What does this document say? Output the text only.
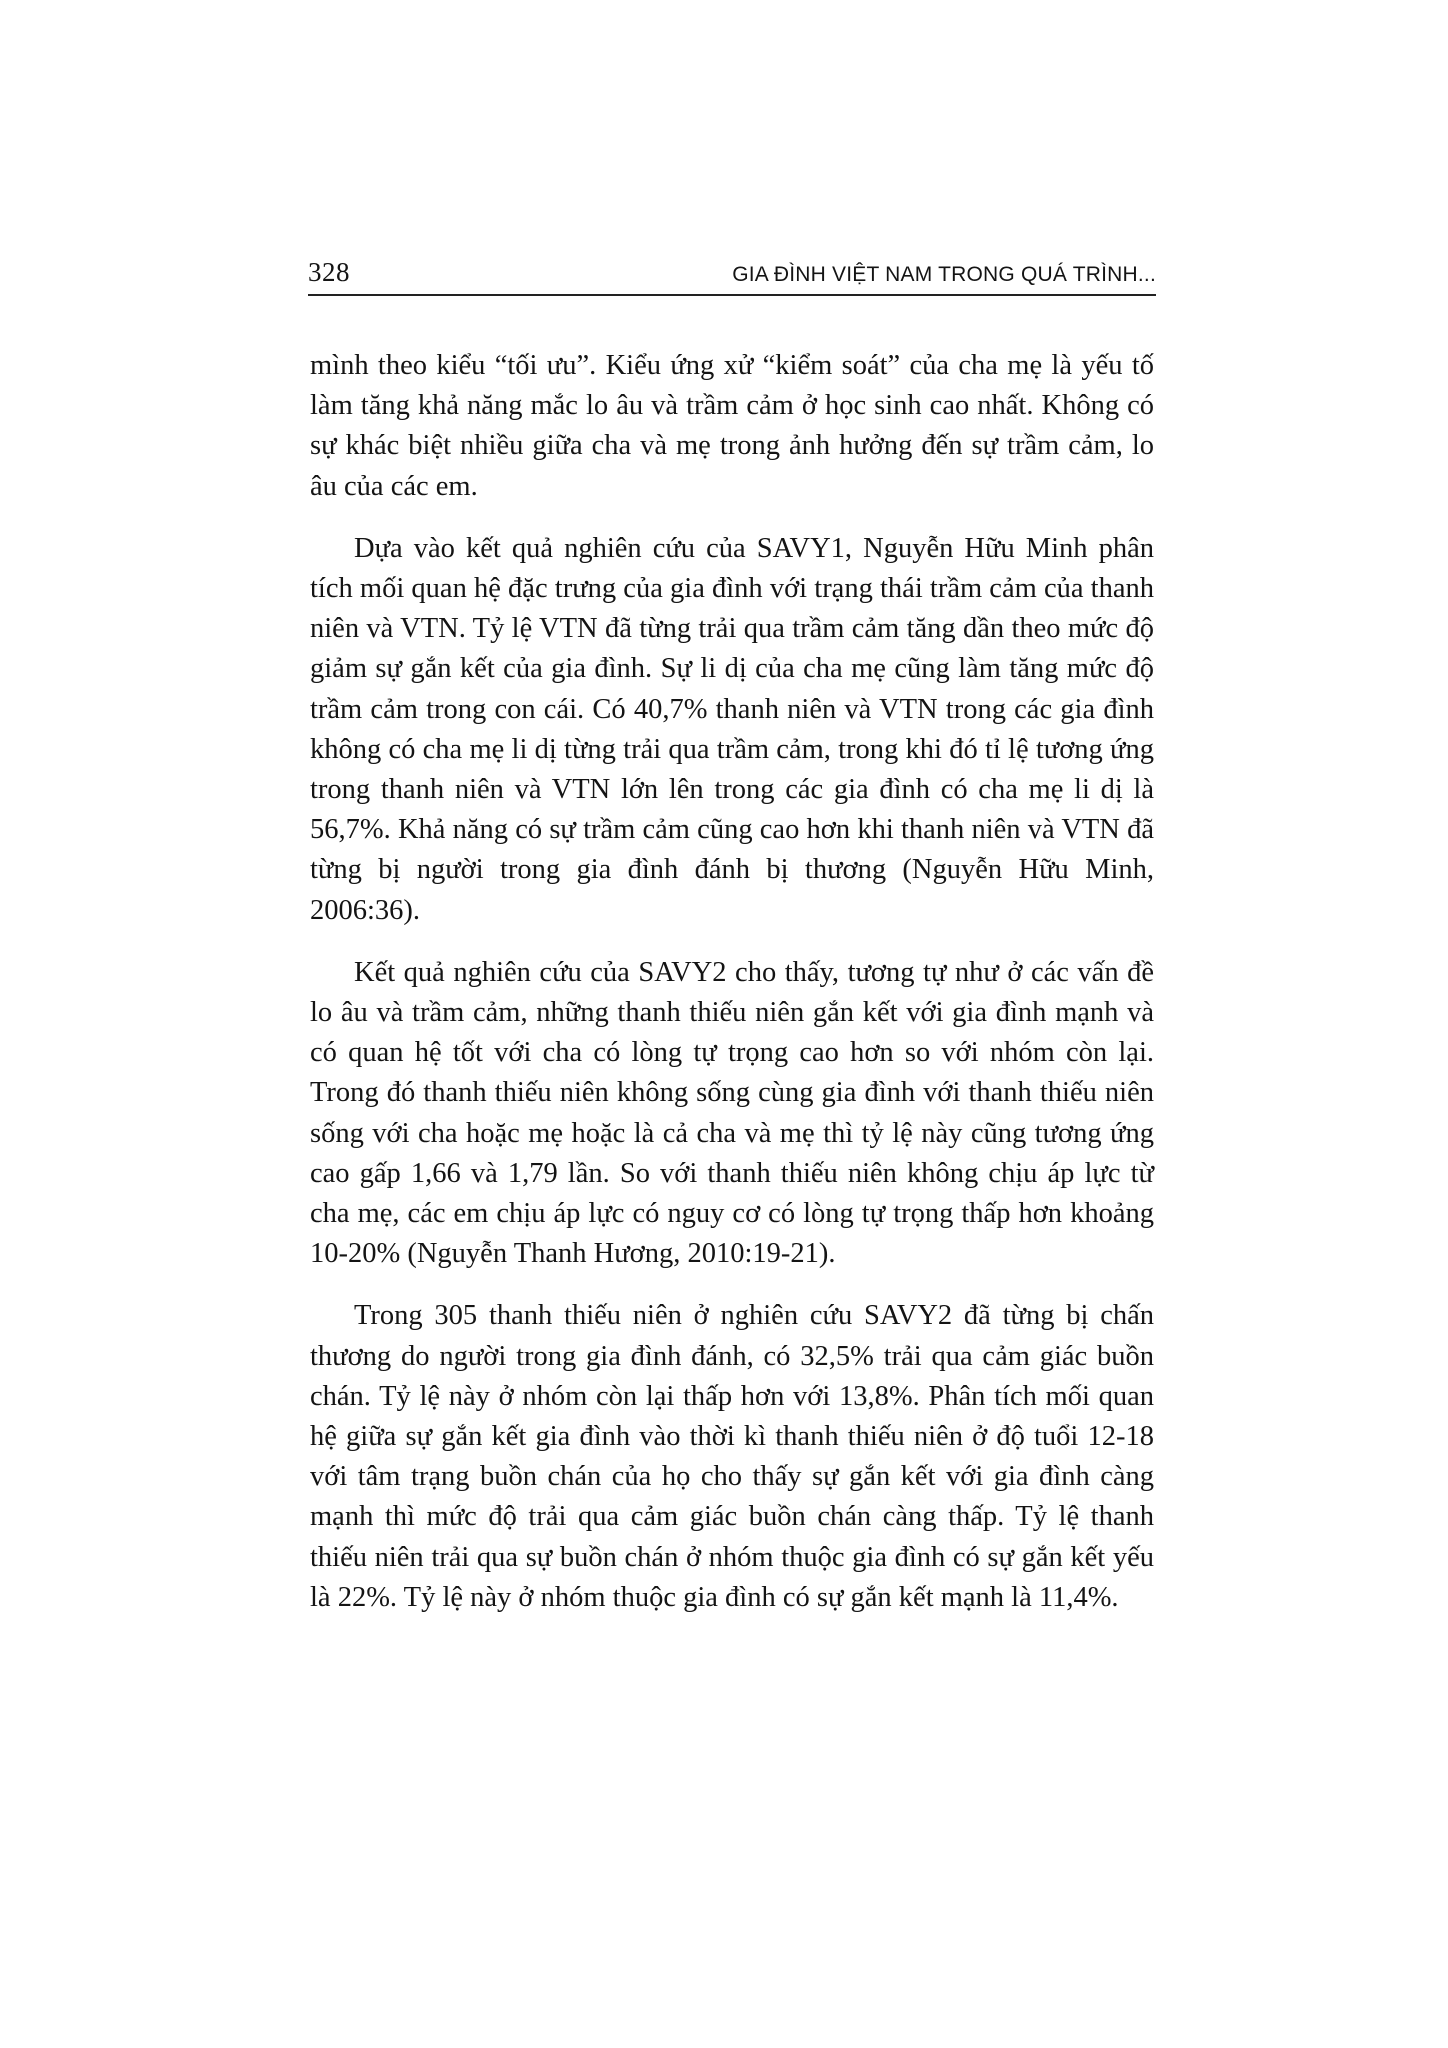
328	GIA ĐÌNH VIỆT NAM TRONG QUÁ TRÌNH...

mình theo kiểu “tối ưu”. Kiểu ứng xử “kiểm soát” của cha mẹ là yếu tố làm tăng khả năng mắc lo âu và trầm cảm ở học sinh cao nhất. Không có sự khác biệt nhiều giữa cha và mẹ trong ảnh hưởng đến sự trầm cảm, lo âu của các em.

Dựa vào kết quả nghiên cứu của SAVY1, Nguyễn Hữu Minh phân tích mối quan hệ đặc trưng của gia đình với trạng thái trầm cảm của thanh niên và VTN. Tỷ lệ VTN đã từng trải qua trầm cảm tăng dần theo mức độ giảm sự gắn kết của gia đình. Sự li dị của cha mẹ cũng làm tăng mức độ trầm cảm trong con cái. Có 40,7% thanh niên và VTN trong các gia đình không có cha mẹ li dị từng trải qua trầm cảm, trong khi đó tỉ lệ tương ứng trong thanh niên và VTN lớn lên trong các gia đình có cha mẹ li dị là 56,7%. Khả năng có sự trầm cảm cũng cao hơn khi thanh niên và VTN đã từng bị người trong gia đình đánh bị thương (Nguyễn Hữu Minh, 2006:36).

Kết quả nghiên cứu của SAVY2 cho thấy, tương tự như ở các vấn đề lo âu và trầm cảm, những thanh thiếu niên gắn kết với gia đình mạnh và có quan hệ tốt với cha có lòng tự trọng cao hơn so với nhóm còn lại. Trong đó thanh thiếu niên không sống cùng gia đình với thanh thiếu niên sống với cha hoặc mẹ hoặc là cả cha và mẹ thì tỷ lệ này cũng tương ứng cao gấp 1,66 và 1,79 lần. So với thanh thiếu niên không chịu áp lực từ cha mẹ, các em chịu áp lực có nguy cơ có lòng tự trọng thấp hơn khoảng 10-20% (Nguyễn Thanh Hương, 2010:19-21).

Trong 305 thanh thiếu niên ở nghiên cứu SAVY2 đã từng bị chấn thương do người trong gia đình đánh, có 32,5% trải qua cảm giác buồn chán. Tỷ lệ này ở nhóm còn lại thấp hơn với 13,8%. Phân tích mối quan hệ giữa sự gắn kết gia đình vào thời kì thanh thiếu niên ở độ tuổi 12-18 với tâm trạng buồn chán của họ cho thấy sự gắn kết với gia đình càng mạnh thì mức độ trải qua cảm giác buồn chán càng thấp. Tỷ lệ thanh thiếu niên trải qua sự buồn chán ở nhóm thuộc gia đình có sự gắn kết yếu là 22%. Tỷ lệ này ở nhóm thuộc gia đình có sự gắn kết mạnh là 11,4%.
